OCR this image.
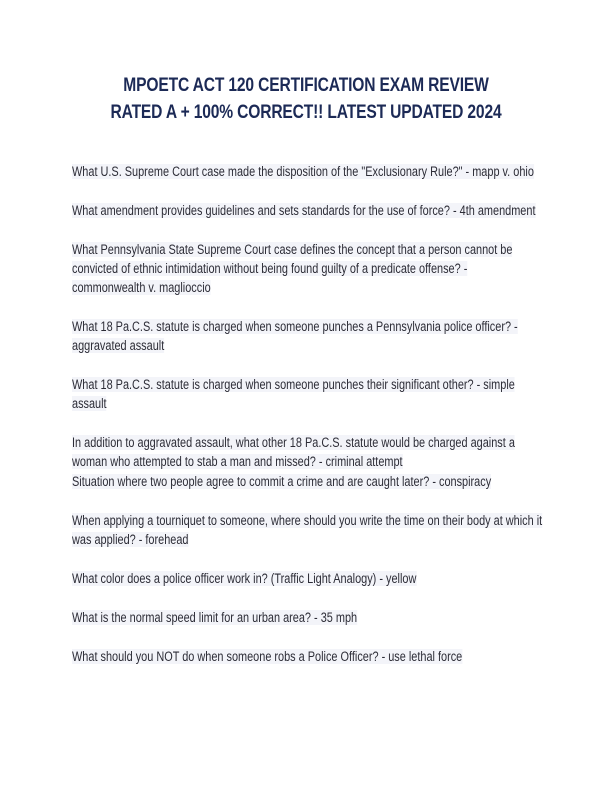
MPOETC ACT 120 CERTIFICATION EXAM REVIEW RATED A + 100% CORRECT!! LATEST UPDATED 2024

What U.S. Supreme Court case made the disposition of the "Exclusionary Rule?" - mapp v. ohio

What amendment provides guidelines and sets standards for the use of force? - 4th amendment

What Pennsylvania State Supreme Court case defines the concept that a person cannot be convicted of ethnic intimidation without being found guilty of a predicate offense? - commonwealth v. maglioccio

What 18 Pa.C.S. statute is charged when someone punches a Pennsylvania police officer? - aggravated assault

What 18 Pa.C.S. statute is charged when someone punches their significant other? - simple assault

In addition to aggravated assault, what other 18 Pa.C.S. statute would be charged against a woman who attempted to stab a man and missed? - criminal attempt

Situation where two people agree to commit a crime and are caught later? - conspiracy

When applying a tourniquet to someone, where should you write the time on their body at which it was applied? - forehead

What color does a police officer work in? (Traffic Light Analogy) - yellow

What is the normal speed limit for an urban area? - 35 mph

What should you NOT do when someone robs a Police Officer? - use lethal force
